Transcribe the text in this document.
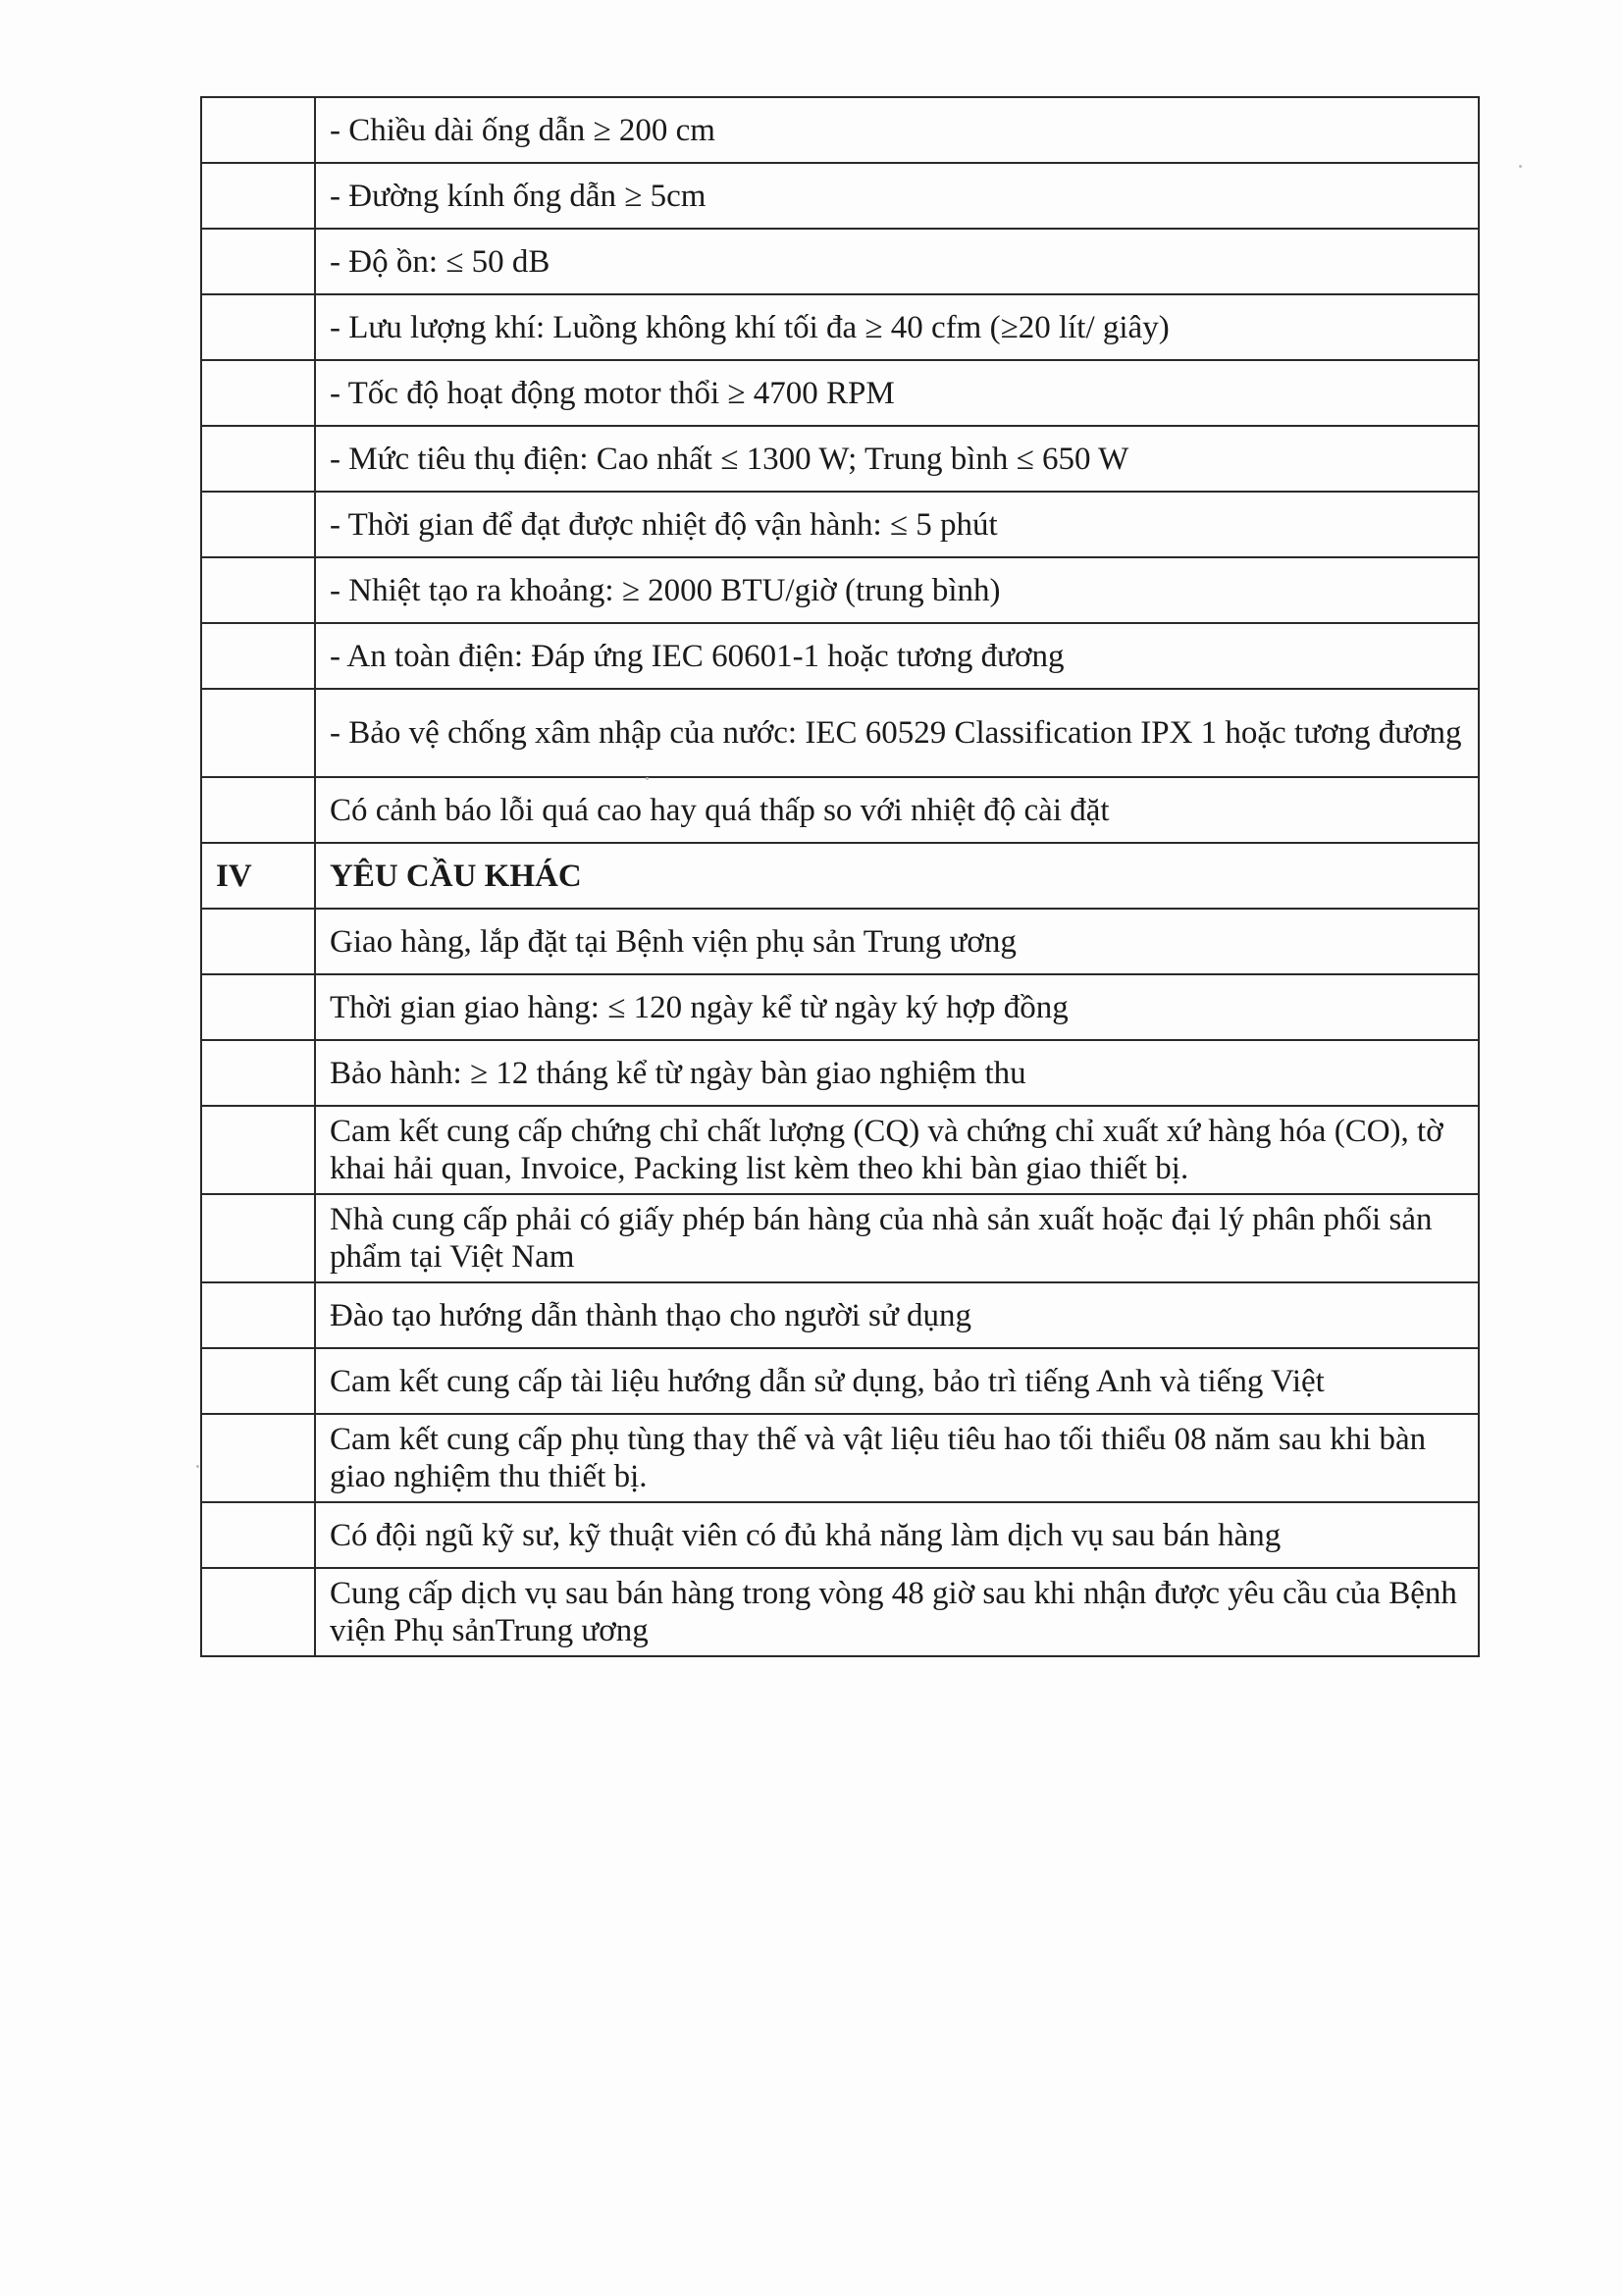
	- Chiều dài ống dẫn ≥ 200 cm
	- Đường kính ống dẫn ≥ 5cm
	- Độ ồn: ≤ 50 dB
	- Lưu lượng khí: Luồng không khí tối đa ≥ 40 cfm (≥20 lít/ giây)
	- Tốc độ hoạt động motor thổi ≥ 4700 RPM
	- Mức tiêu thụ điện: Cao nhất ≤ 1300 W; Trung bình ≤ 650 W
	- Thời gian để đạt được nhiệt độ vận hành: ≤ 5 phút
	- Nhiệt tạo ra khoảng: ≥ 2000 BTU/giờ (trung bình)
	- An toàn điện: Đáp ứng IEC 60601-1 hoặc tương đương
	- Bảo vệ chống xâm nhập của nước: IEC 60529 Classification IPX 1 hoặc tương đương
	Có cảnh báo lỗi quá cao hay quá thấp so với nhiệt độ cài đặt
IV	YÊU CẦU KHÁC
	Giao hàng, lắp đặt tại Bệnh viện phụ sản Trung ương
	Thời gian giao hàng: ≤ 120 ngày kể từ ngày ký hợp đồng
	Bảo hành: ≥ 12 tháng kể từ ngày bàn giao nghiệm thu
	Cam kết cung cấp chứng chỉ chất lượng (CQ) và chứng chỉ xuất xứ hàng hóa (CO), tờ khai hải quan, Invoice, Packing list kèm theo khi bàn giao thiết bị.
	Nhà cung cấp phải có giấy phép bán hàng của nhà sản xuất hoặc đại lý phân phối sản phẩm tại Việt Nam
	Đào tạo hướng dẫn thành thạo cho người sử dụng
	Cam kết cung cấp tài liệu hướng dẫn sử dụng, bảo trì tiếng Anh và tiếng Việt
	Cam kết cung cấp phụ tùng thay thế và vật liệu tiêu hao tối thiểu 08 năm sau khi bàn giao nghiệm thu thiết bị.
	Có đội ngũ kỹ sư, kỹ thuật viên có đủ khả năng làm dịch vụ sau bán hàng
	Cung cấp dịch vụ sau bán hàng trong vòng 48 giờ sau khi nhận được yêu cầu của Bệnh viện Phụ sảnTrung ương
